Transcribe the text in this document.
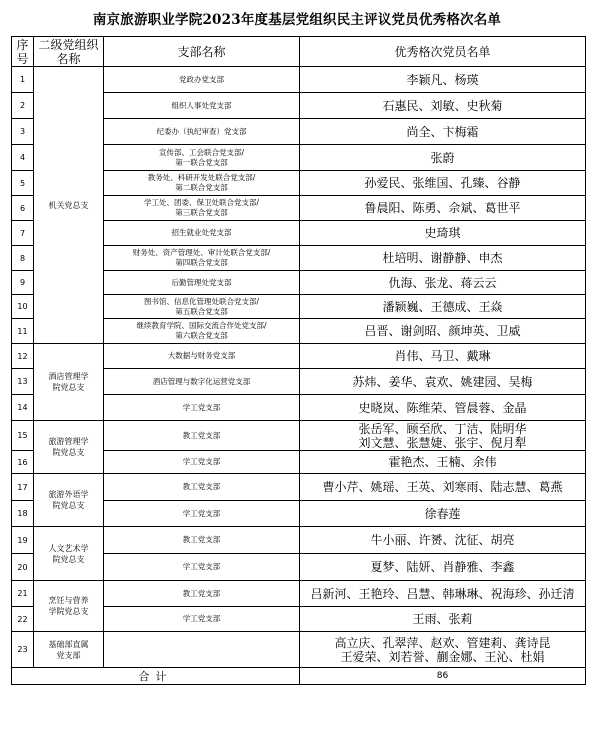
南京旅游职业学院2023年度基层党组织民主评议党员优秀格次名单
序号	二级党组织名称	支部名称	优秀格次党员名单
1	机关党总支	党政办党支部	李颖凡、杨瑛

2		组织人事处党支部	石惠民、刘敏、史秋菊

3		纪委办（执纪审查）党支部	尚全、卞梅霜

4		宣传部、工会联合党支部/
第一联合党支部	张蔚

5		教务处、科研开发处联合党支部/
第二联合党支部	孙爱民、张维国、孔臻、谷静

6		学工处、团委、保卫处联合党支部/
第三联合党支部	鲁晨阳、陈勇、佘斌、葛世平

7		招生就业处党支部	史琦琪

8		财务处、资产管理处、审计处联合党支部/
第四联合党支部	杜培明、谢静静、申杰

9		后勤管理处党支部	仇海、张龙、蒋云云

10		图书馆、信息化管理处联合党支部/
第五联合党支部	潘颖巍、王德成、王焱

11		继续教育学院、国际交流合作处党支部/
第六联合党支部	吕晋、谢剑昭、颜坤英、卫威

12	酒店管理学院党总支	大数据与财务党支部	肖伟、马卫、戴琳

13		酒店管理与数字化运营党支部	苏炜、姜华、袁欢、姚建园、吴梅

14		学工党支部	史晓岚、陈维荣、管晨蓉、金晶

15	旅游管理学院党总支	教工党支部	张岳军、顾至欣、丁洁、陆明华
刘文慧、张慧婕、张宇、倪月犁

16		学工党支部	霍艳杰、王楠、余伟

17	旅游外语学院党总支	教工党支部	曹小芹、姚瑶、王英、刘寒雨、陆志慧、葛燕

18		学工党支部	徐春莲

19	人文艺术学院党总支	教工党支部	牛小丽、许赟、沈征、胡亮

20		学工党支部	夏梦、陆妍、肖静雅、李鑫

21	烹饪与营养学院党总支	教工党支部	吕新河、王艳玲、吕慧、韩琳琳、祝海珍、孙迁清

22		学工党支部	王雨、张莉

23	基础部直属党支部		高立庆、孔翠萍、赵欢、管建莉、龚诗昆
王爱荣、刘若誉、蒯金娜、王沁、杜娟

合计			86
